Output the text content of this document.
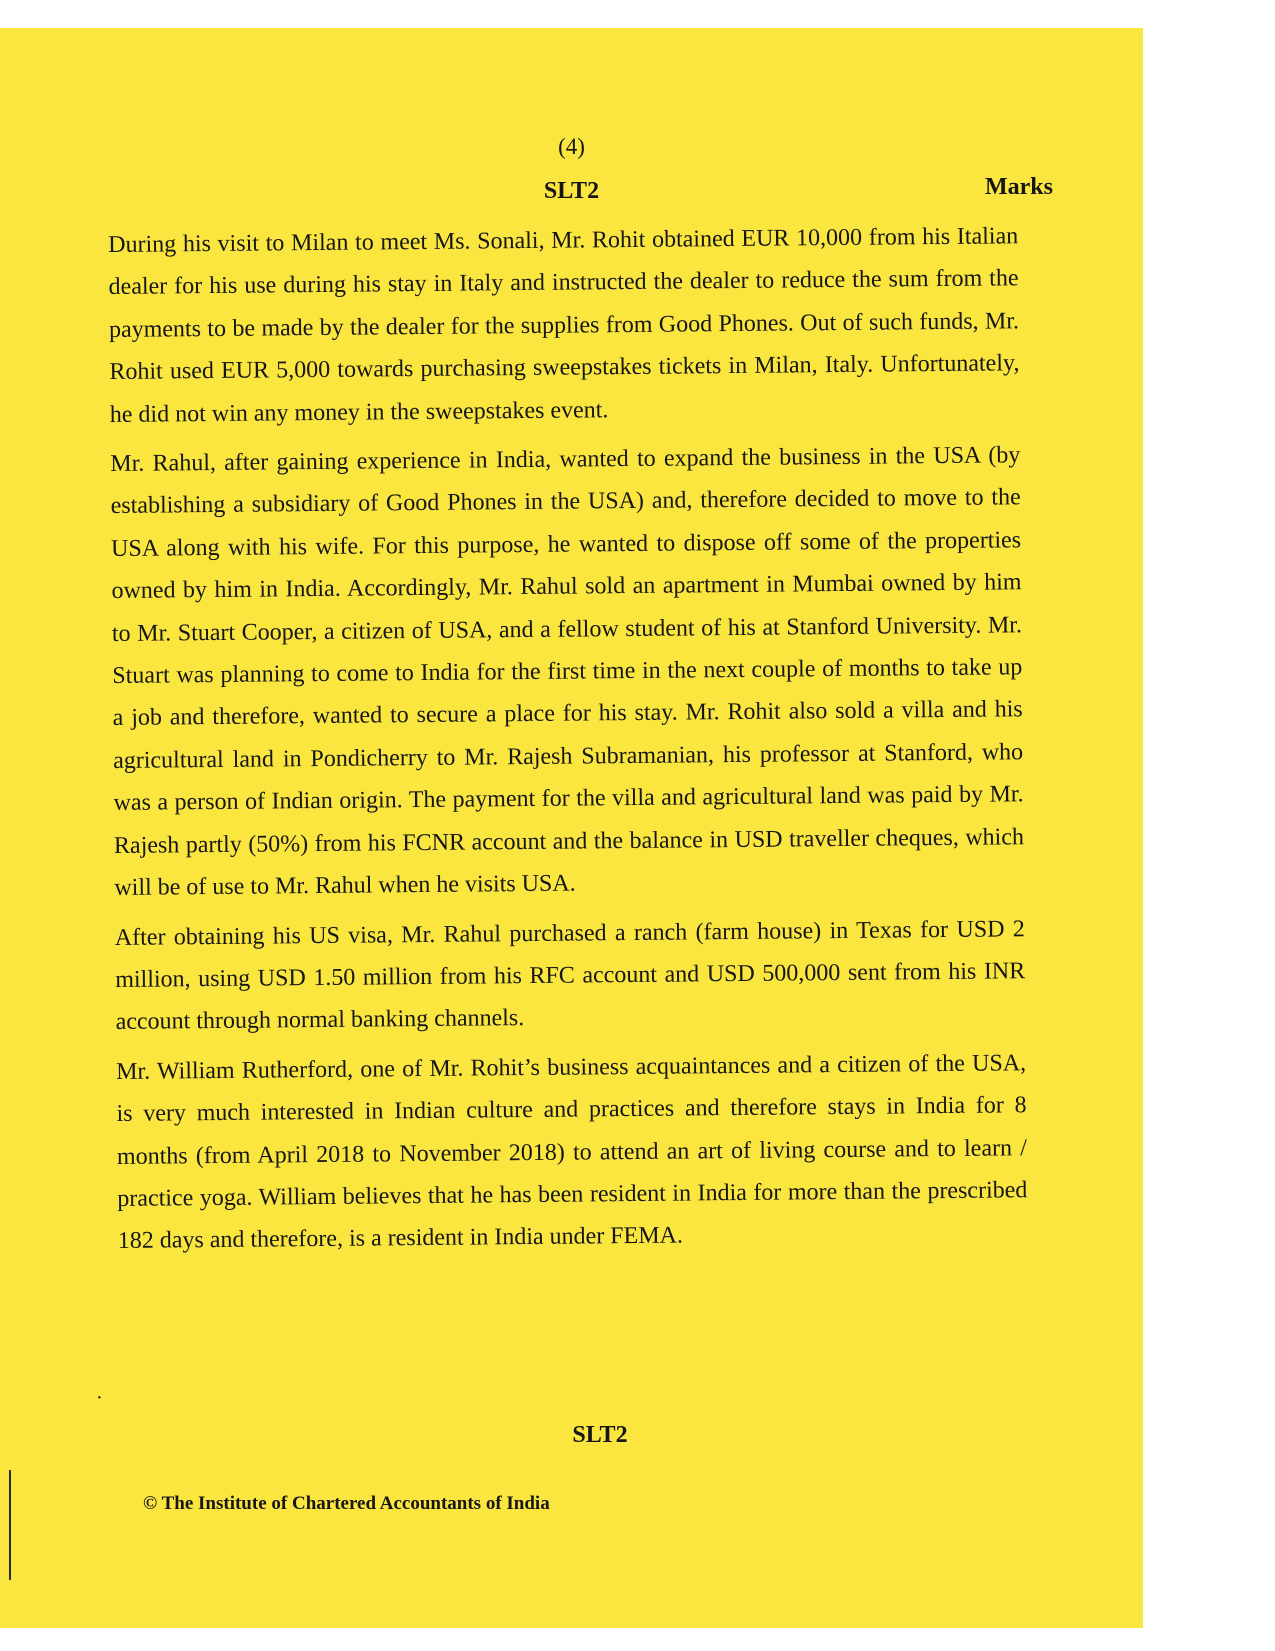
(4)
SLT2	Marks

During his visit to Milan to meet Ms. Sonali, Mr. Rohit obtained EUR 10,000 from his Italian dealer for his use during his stay in Italy and instructed the dealer to reduce the sum from the payments to be made by the dealer for the supplies from Good Phones. Out of such funds, Mr. Rohit used EUR 5,000 towards purchasing sweepstakes tickets in Milan, Italy. Unfortunately, he did not win any money in the sweepstakes event.

Mr. Rahul, after gaining experience in India, wanted to expand the business in the USA (by establishing a subsidiary of Good Phones in the USA) and, therefore decided to move to the USA along with his wife. For this purpose, he wanted to dispose off some of the properties owned by him in India. Accordingly, Mr. Rahul sold an apartment in Mumbai owned by him to Mr. Stuart Cooper, a citizen of USA, and a fellow student of his at Stanford University. Mr. Stuart was planning to come to India for the first time in the next couple of months to take up a job and therefore, wanted to secure a place for his stay. Mr. Rohit also sold a villa and his agricultural land in Pondicherry to Mr. Rajesh Subramanian, his professor at Stanford, who was a person of Indian origin. The payment for the villa and agricultural land was paid by Mr. Rajesh partly (50%) from his FCNR account and the balance in USD traveller cheques, which will be of use to Mr. Rahul when he visits USA.

After obtaining his US visa, Mr. Rahul purchased a ranch (farm house) in Texas for USD 2 million, using USD 1.50 million from his RFC account and USD 500,000 sent from his INR account through normal banking channels.

Mr. William Rutherford, one of Mr. Rohit’s business acquaintances and a citizen of the USA, is very much interested in Indian culture and practices and therefore stays in India for 8 months (from April 2018 to November 2018) to attend an art of living course and to learn / practice yoga. William believes that he has been resident in India for more than the prescribed 182 days and therefore, is a resident in India under FEMA.

·
SLT2
© The Institute of Chartered Accountants of India
